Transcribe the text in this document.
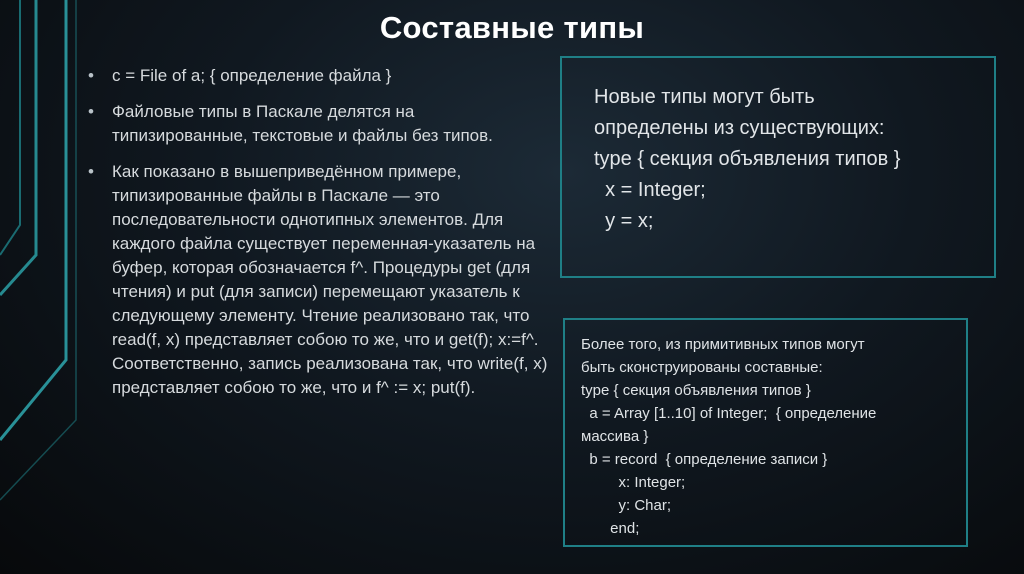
Составные типы
• c = File of a; { определение файла }
• Файловые типы в Паскале делятся на типизированные, текстовые и файлы без типов.
• Как показано в вышеприведённом примере, типизированные файлы в Паскале — это последовательности однотипных элементов. Для каждого файла существует переменная-указатель на буфер, которая обозначается f^. Процедуры get (для чтения) и put (для записи) перемещают указатель к следующему элементу. Чтение реализовано так, что read(f, x) представляет собою то же, что и get(f); x:=f^. Соответственно, запись реализована так, что write(f, x) представляет собою то же, что и f^ := x; put(f).
Новые типы могут быть
определены из существующих:
type { секция объявления типов }
x = Integer;
y = x;
Более того, из примитивных типов могут
быть сконструированы составные:
type { секция объявления типов }
a = Array [1..10] of Integer;  { определение
массива }
b = record  { определение записи }
x: Integer;
y: Char;
end;
